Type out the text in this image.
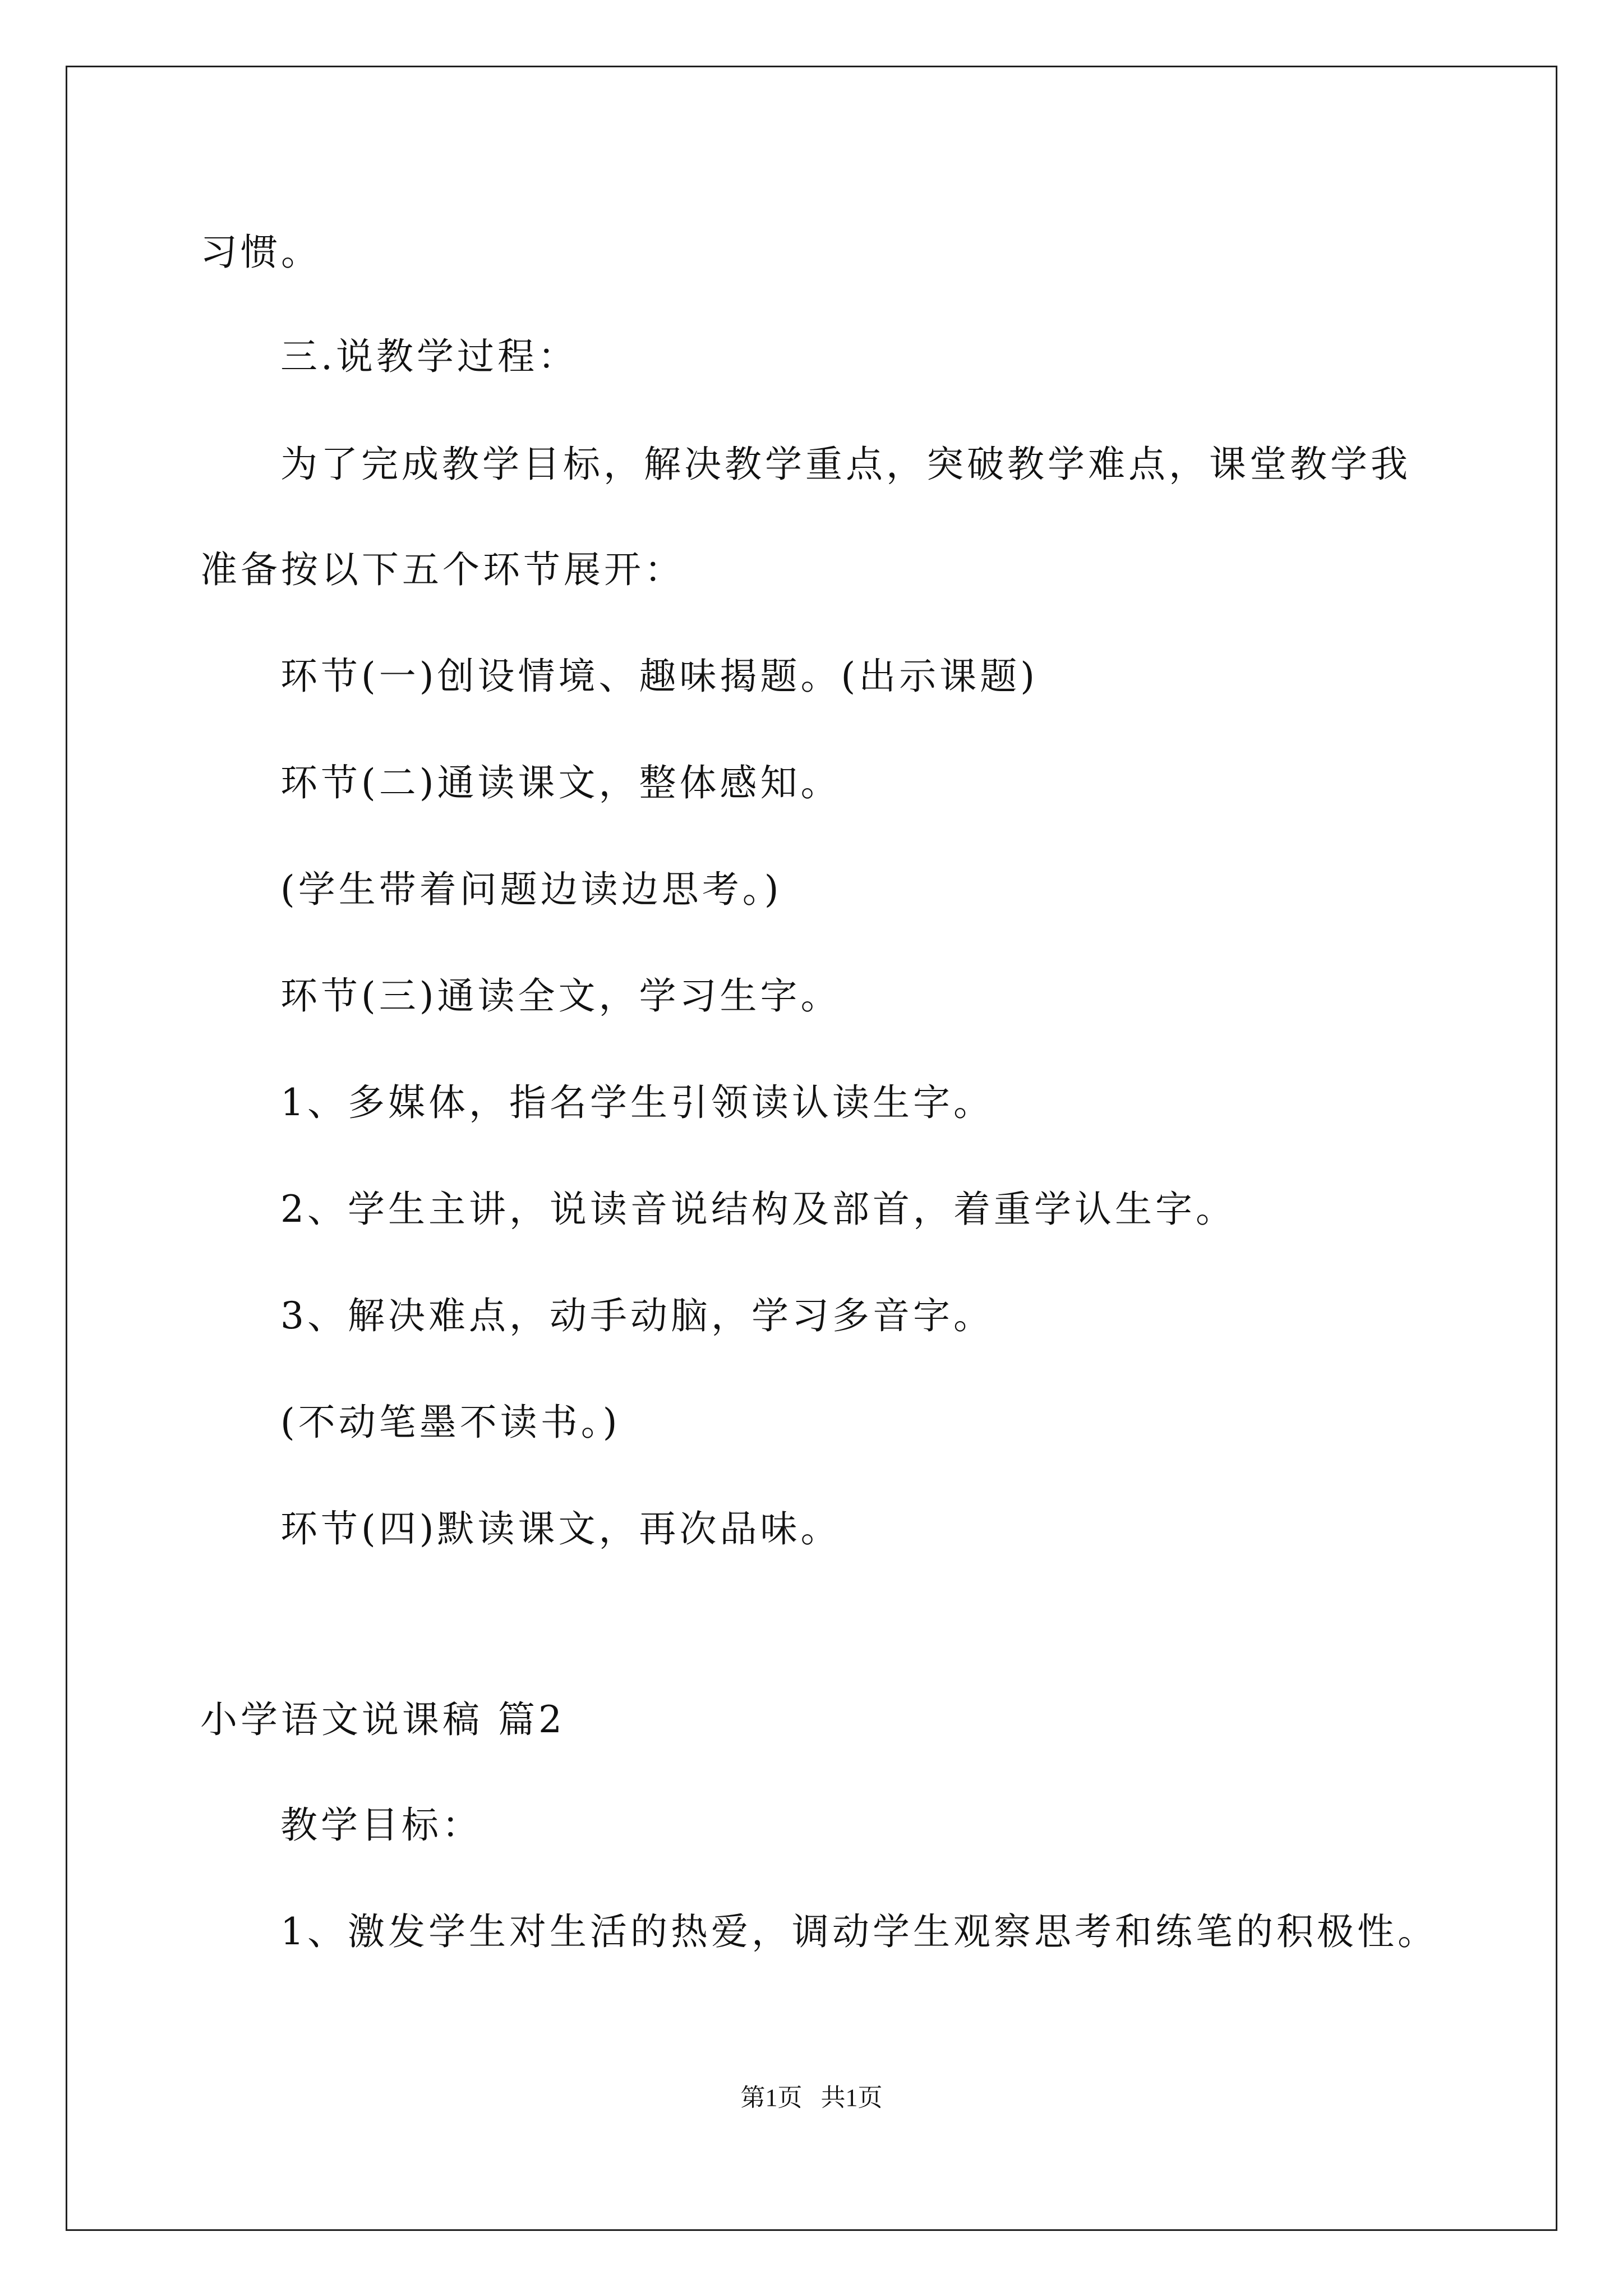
习惯。
三.说教学过程：
为了完成教学目标，解决教学重点，突破教学难点，课堂教学我
准备按以下五个环节展开：
环节(一)创设情境、趣味揭题。(出示课题)
环节(二)通读课文，整体感知。
(学生带着问题边读边思考。)
环节(三)通读全文，学习生字。
1、多媒体，指名学生引领读认读生字。
2、学生主讲，说读音说结构及部首，着重学认生字。
3、解决难点，动手动脑，学习多音字。
(不动笔墨不读书。)
环节(四)默读课文，再次品味。
小学语文说课稿 篇2
教学目标：
1、激发学生对生活的热爱，调动学生观察思考和练笔的积极性。
第1页   共1页
